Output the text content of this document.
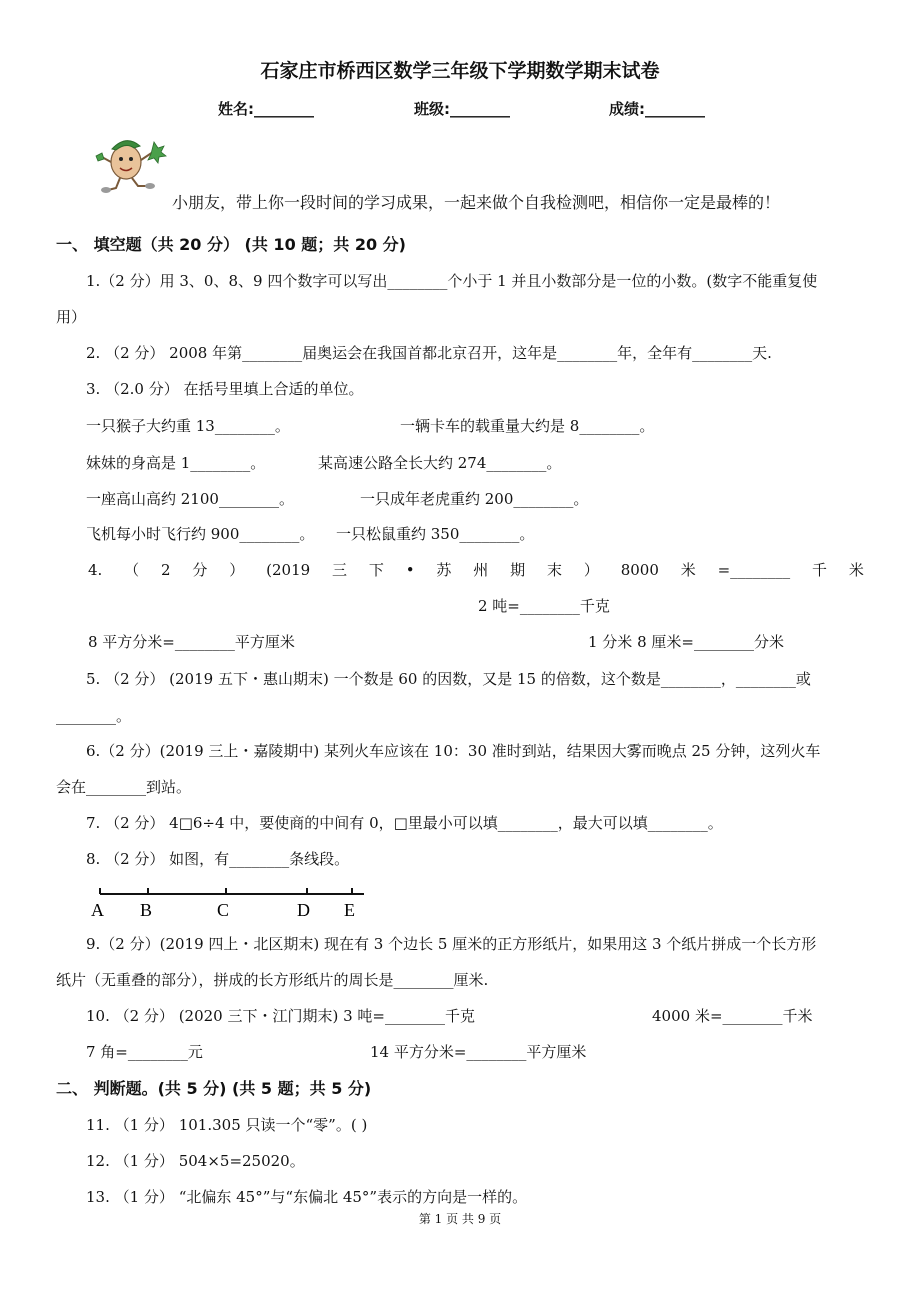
石家庄市桥西区数学三年级下学期数学期末试卷
姓名:________	班级:________	成绩:________
小朋友，带上你一段时间的学习成果，一起来做个自我检测吧，相信你一定是最棒的！
一、 填空题（共 20 分） (共 10 题；共 20 分)
1.（2 分）用 3、0、8、9 四个数字可以写出________个小于 1 并且小数部分是一位的小数。(数字不能重复使
用）
2. （2 分） 2008 年第________届奥运会在我国首都北京召开，这年是________年，全年有________天.
3. （2.0 分） 在括号里填上合适的单位。
一只猴子大约重 13________。	一辆卡车的载重量大约是 8________。
妹妹的身高是 1________。	某高速公路全长大约 274________。
一座高山高约 2100________。	一只成年老虎重约 200________。
飞机每小时飞行约 900________。 一只松鼠重约 350________。
4. （ 2 分 ） (2019 三 下 • 苏 州 期 末 ） 8000 米 =________ 千 米
2 吨=________千克
8 平方分米=________平方厘米	1 分米 8 厘米=________分米
5. （2 分） (2019 五下・惠山期末) 一个数是 60 的因数，又是 15 的倍数，这个数是________，________或
________。
6.（2 分）(2019 三上・嘉陵期中) 某列火车应该在 10：30 准时到站，结果因大雾而晚点 25 分钟，这列火车
会在________到站。
7. （2 分） 4□6÷4 中，要使商的中间有 0，□里最小可以填________，最大可以填________。
8. （2 分） 如图，有________条线段。
A B	C	D E
9.（2 分）(2019 四上・北区期末) 现在有 3 个边长 5 厘米的正方形纸片，如果用这 3 个纸片拼成一个长方形
纸片（无重叠的部分），拼成的长方形纸片的周长是________厘米.
10. （2 分） (2020 三下・江门期末) 3 吨=________千克	4000 米=________千米
7 角=________元	14 平方分米=________平方厘米
二、 判断题。(共 5 分) (共 5 题；共 5 分)
11. （1 分） 101.305 只读一个“零”。( )
12. （1 分） 504×5=25020。
13. （1 分） “北偏东 45°”与“东偏北 45°”表示的方向是一样的。
第 1 页 共 9 页
